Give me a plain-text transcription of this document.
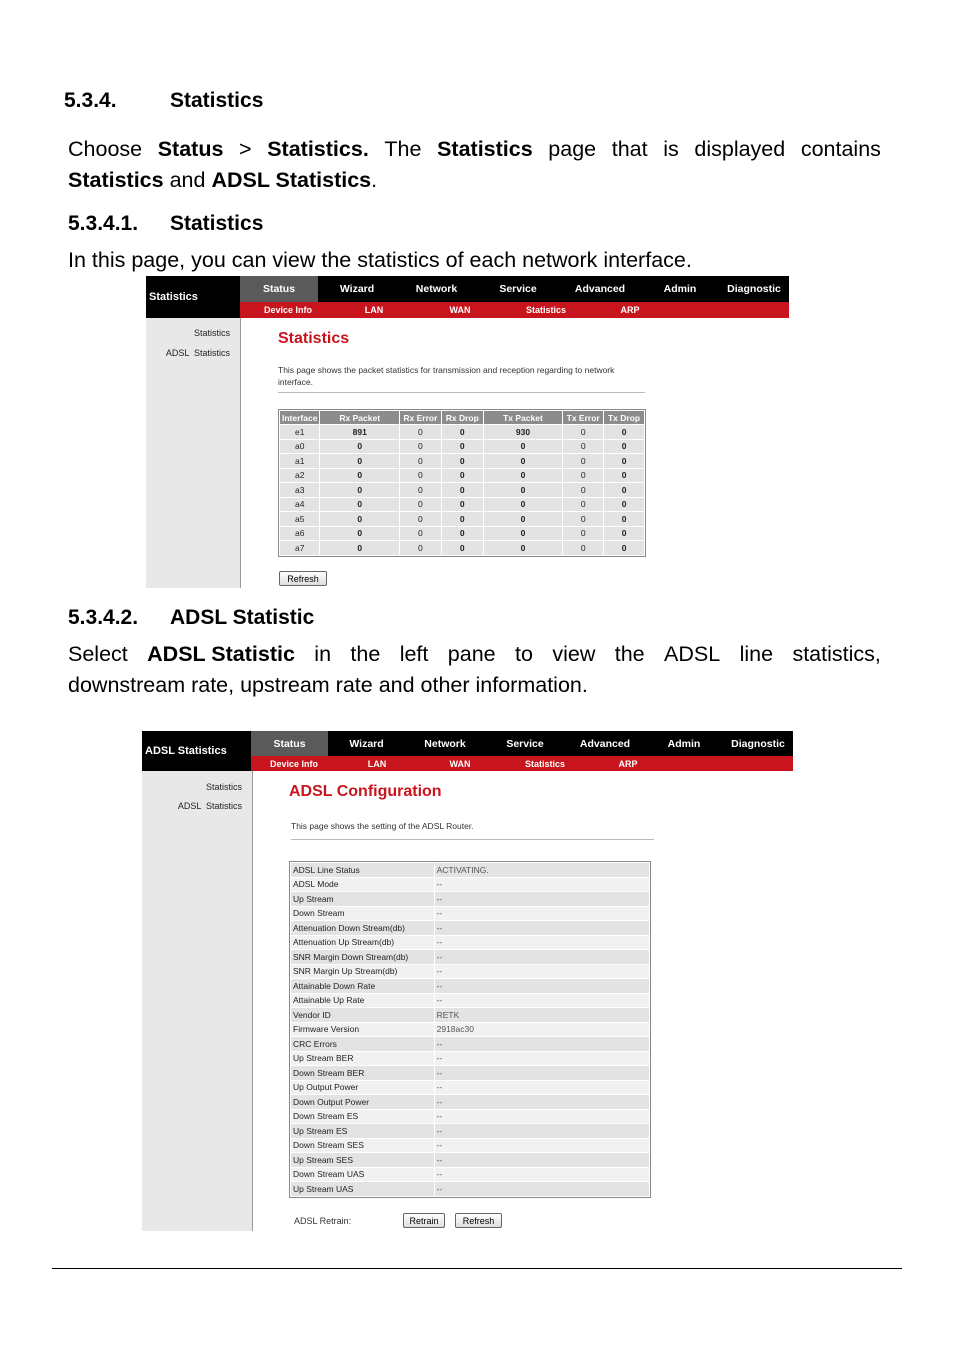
5.3.4.	Statistics
Choose Status > Statistics. The Statistics page that is displayed contains
Statistics and ADSL Statistics.
5.3.4.1. Statistics
In this page, you can view the statistics of each network interface.
Statistics
Status	Wizard	Network	Service	Advanced	Admin	Diagnostic
Device Info	LAN	WAN	Statistics	ARP
Statistics
ADSL  Statistics
Statistics
This page shows the packet statistics for transmission and reception regarding to network interface.
Interface	Rx Packet	Rx Error	Rx Drop	Tx Packet	Tx Error	Tx Drop
e1	891	0	0	930	0	0
a0	0	0	0	0	0	0
a1	0	0	0	0	0	0
a2	0	0	0	0	0	0
a3	0	0	0	0	0	0
a4	0	0	0	0	0	0
a5	0	0	0	0	0	0
a6	0	0	0	0	0	0
a7	0	0	0	0	0	0
Refresh
5.3.4.2. ADSL Statistic
Select ADSL Statistic in the left pane to view the ADSL line statistics,
downstream rate, upstream rate and other information.
ADSL Statistics
Status	Wizard	Network	Service	Advanced	Admin	Diagnostic
Device Info	LAN	WAN	Statistics	ARP
Statistics
ADSL  Statistics
ADSL Configuration
This page shows the setting of the ADSL Router.
ADSL Line Status	ACTIVATING.
ADSL Mode	--
Up Stream	--
Down Stream	--
Attenuation Down Stream(db)	--
Attenuation Up Stream(db)	--
SNR Margin Down Stream(db)	--
SNR Margin Up Stream(db)	--
Attainable Down Rate	--
Attainable Up Rate	--
Vendor ID	RETK
Firmware Version	2918ac30
CRC Errors	--
Up Stream BER	--
Down Stream BER	--
Up Output Power	--
Down Output Power	--
Down Stream ES	--
Up Stream ES	--
Down Stream SES	--
Up Stream SES	--
Down Stream UAS	--
Up Stream UAS	--
ADSL Retrain:	Retrain	Refresh
